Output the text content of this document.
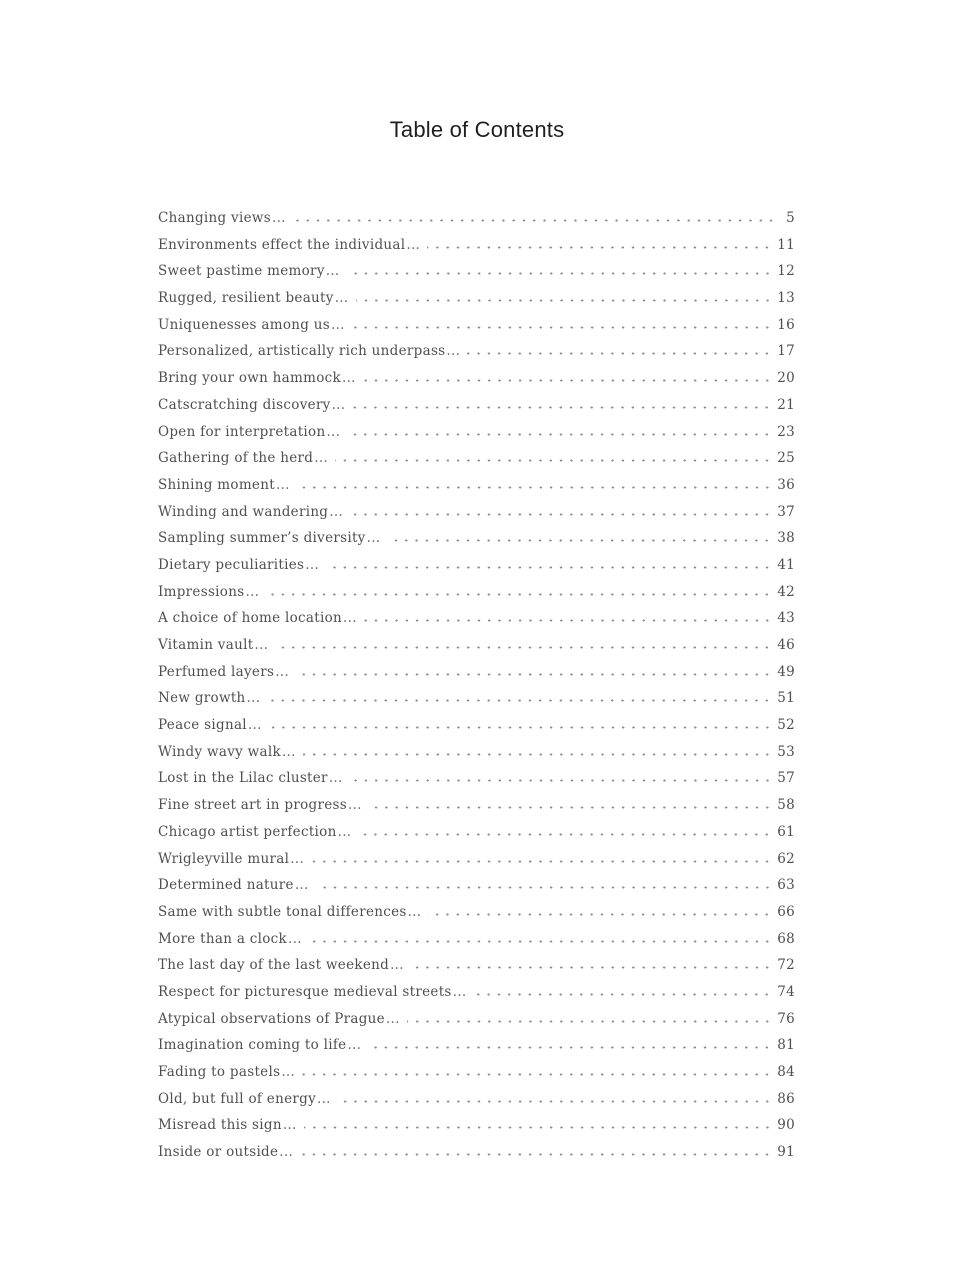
Table of Contents
Changing views ...	5
Environments effect the individual ...	11
Sweet pastime memory ...	12
Rugged, resilient beauty ...	13
Uniquenesses among us ...	16
Personalized, artistically rich underpass ...	17
Bring your own hammock ...	20
Catscratching discovery ...	21
Open for interpretation ...	23
Gathering of the herd ...	25
Shining moment ...	36
Winding and wandering ...	37
Sampling summer’s diversity ...	38
Dietary peculiarities ...	41
Impressions ...	42
A choice of home location ...	43
Vitamin vault ...	46
Perfumed layers ...	49
New growth ...	51
Peace signal ...	52
Windy wavy walk ...	53
Lost in the Lilac cluster ...	57
Fine street art in progress ...	58
Chicago artist perfection ...	61
Wrigleyville mural ...	62
Determined nature ...	63
Same with subtle tonal differences ...	66
More than a clock ...	68
The last day of the last weekend ...	72
Respect for picturesque medieval streets ...	74
Atypical observations of Prague ...	76
Imagination coming to life ...	81
Fading to pastels ...	84
Old, but full of energy ...	86
Misread this sign ...	90
Inside or outside ...	91
